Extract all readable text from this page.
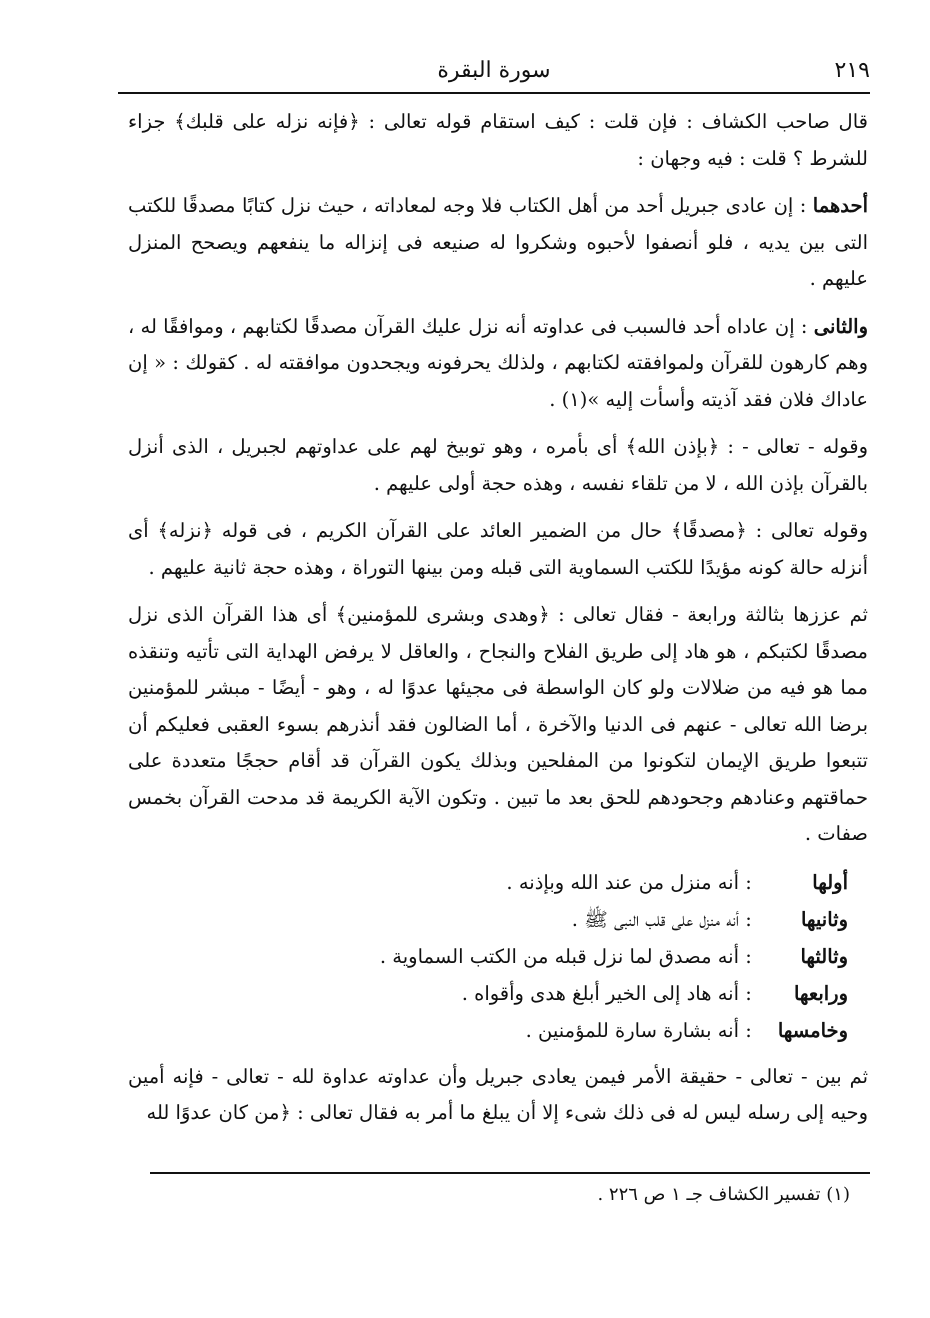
٢١٩
سورة البقرة

قال صاحب الكشاف : فإن قلت : كيف استقام قوله تعالى : ﴿فإنه نزله على قلبك﴾ جزاء للشرط ؟ قلت : فيه وجهان :

أحدهما : إن عادى جبريل أحد من أهل الكتاب فلا وجه لمعاداته ، حيث نزل كتابًا مصدقًا للكتب التى بين يديه ، فلو أنصفوا لأحبوه وشكروا له صنيعه فى إنزاله ما ينفعهم ويصحح المنزل عليهم .

والثانى : إن عاداه أحد فالسبب فى عداوته أنه نزل عليك القرآن مصدقًا لكتابهم ، وموافقًا له ، وهم كارهون للقرآن ولموافقته لكتابهم ، ولذلك يحرفونه ويجحدون موافقته له . كقولك : « إن عاداك فلان فقد آذيته وأسأت إليه »(١) .

وقوله - تعالى - : ﴿بإذن الله﴾ أى بأمره ، وهو توبيخ لهم على عداوتهم لجبريل ، الذى أنزل بالقرآن بإذن الله ، لا من تلقاء نفسه ، وهذه حجة أولى عليهم .

وقوله تعالى : ﴿مصدقًا﴾ حال من الضمير العائد على القرآن الكريم ، فى قوله ﴿نزله﴾ أى أنزله حالة كونه مؤيدًا للكتب السماوية التى قبله ومن بينها التوراة ، وهذه حجة ثانية عليهم .

ثم عززها بثالثة ورابعة - فقال تعالى : ﴿وهدى وبشرى للمؤمنين﴾ أى هذا القرآن الذى نزل مصدقًا لكتبكم ، هو هاد إلى طريق الفلاح والنجاح ، والعاقل لا يرفض الهداية التى تأتيه وتنقذه مما هو فيه من ضلالات ولو كان الواسطة فى مجيئها عدوًا له ، وهو - أيضًا - مبشر للمؤمنين برضا الله تعالى - عنهم فى الدنيا والآخرة ، أما الضالون فقد أنذرهم بسوء العقبى فعليكم أن تتبعوا طريق الإيمان لتكونوا من المفلحين وبذلك يكون القرآن قد أقام حججًا متعددة على حماقتهم وعنادهم وجحودهم للحق بعد ما تبين . وتكون الآية الكريمة قد مدحت القرآن بخمس صفات .

أولها : أنه منزل من عند الله وبإذنه .

وثانيها : أنه منزل على قلب النبى ﷺ .

وثالثها : أنه مصدق لما نزل قبله من الكتب السماوية .

ورابعها : أنه هاد إلى الخير أبلغ هدى وأقواه .

وخامسها : أنه بشارة سارة للمؤمنين .

ثم بين - تعالى - حقيقة الأمر فيمن يعادى جبريل وأن عداوته عداوة لله - تعالى - فإنه أمين وحيه إلى رسله ليس له فى ذلك شىء إلا أن يبلغ ما أمر به فقال تعالى : ﴿من كان عدوًا لله

(١) تفسير الكشاف جـ ١ ص ٢٢٦ .
